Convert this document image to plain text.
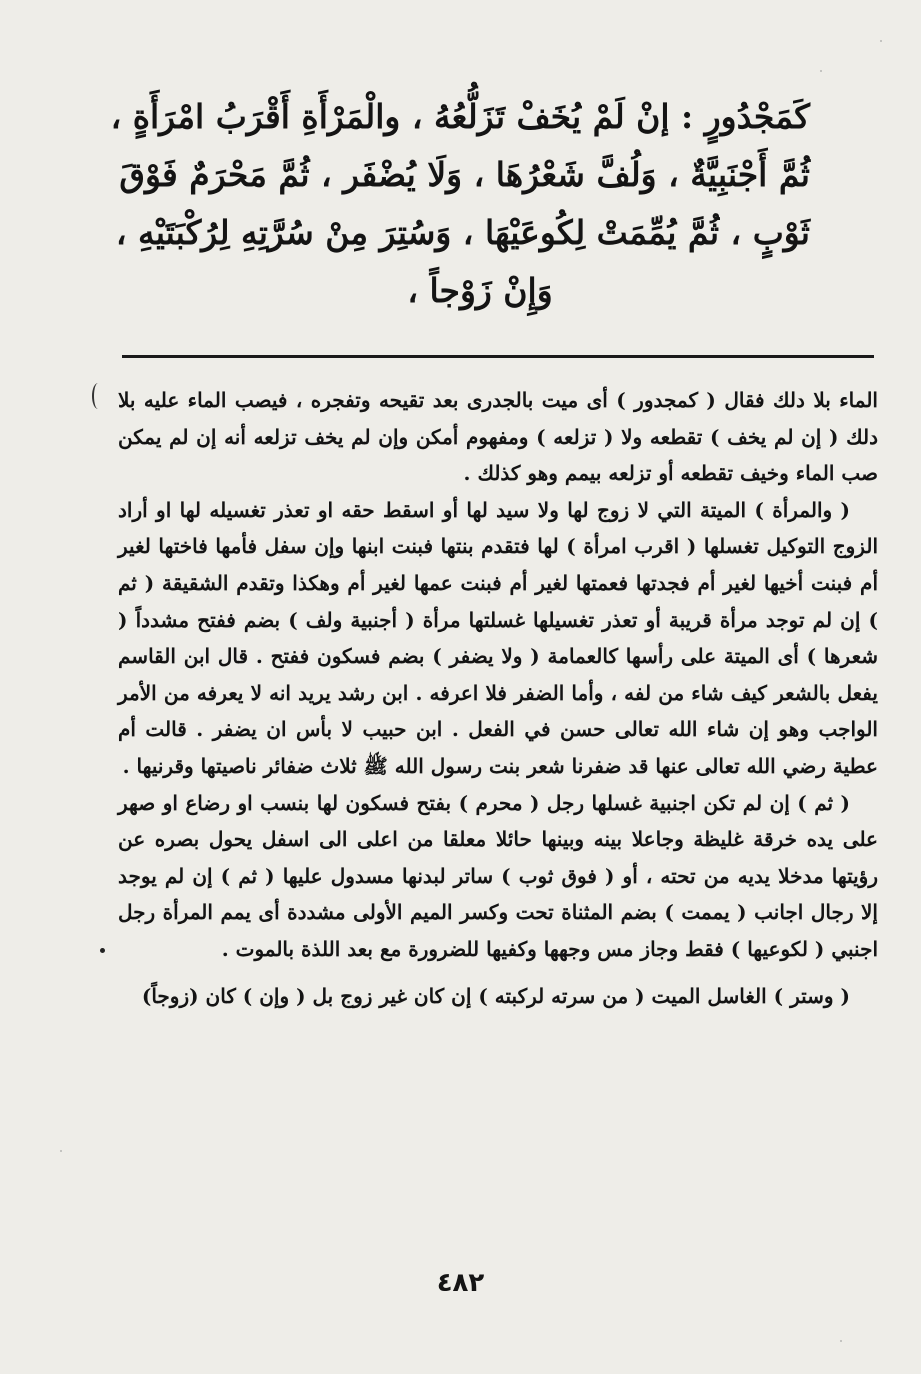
كَمَجْدُورٍ : إنْ لَمْ يُخَفْ تَزَلُّعُهُ ، والْمَرْأَةِ أَقْرَبُ امْرَأَةٍ ،
ثُمَّ أَجْنَبِيَّةٌ ، وَلُفَّ شَعْرُهَا ، وَلَا يُضْفَر ، ثُمَّ مَحْرَمٌ فَوْقَ
ثَوْبٍ ، ثُمَّ يُمِّمَتْ لِكُوعَيْهَا ، وَسُتِرَ مِنْ سُرَّتِهِ لِرُكْبَتَيْهِ ،
وَإِنْ زَوْجاً ،

الماء بلا دلك فقال ( كمجدور ) أى ميت بالجدرى بعد تقيحه وتفجره ، فيصب الماء عليه بلا دلك ( إن لم يخف ) تقطعه ولا ( تزلعه ) ومفهوم أمكن وإن لم يخف تزلعه أنه إن لم يمكن صب الماء وخيف تقطعه أو تزلعه بيمم وهو كذلك .

( والمرأة ) الميتة التي لا زوج لها ولا سيد لها أو اسقط حقه او تعذر تغسيله لها او أراد الزوج التوكيل تغسلها ( اقرب امرأة ) لها فتقدم بنتها فبنت ابنها وإن سفل فأمها فاختها لغير أم فبنت أخيها لغير أم فجدتها فعمتها لغير أم فبنت عمها لغير أم وهكذا وتقدم الشقيقة ( ثم ) إن لم توجد مرأة قريبة أو تعذر تغسيلها غسلتها مرأة ( أجنبية ولف ) بضم ففتح مشدداً ( شعرها ) أى الميتة على رأسها كالعمامة ( ولا يضفر ) بضم فسكون ففتح . قال ابن القاسم يفعل بالشعر كيف شاء من لفه ، وأما الضفر فلا اعرفه . ابن رشد يريد انه لا يعرفه من الأمر الواجب وهو إن شاء الله تعالى حسن في الفعل . ابن حبيب لا بأس ان يضفر . قالت أم عطية رضي الله تعالى عنها قد ضفرنا شعر بنت رسول الله ﷺ ثلاث ضفائر ناصيتها وقرنيها .

( ثم ) إن لم تكن اجنبية غسلها رجل ( محرم ) بفتح فسكون لها بنسب او رضاع او صهر على يده خرقة غليظة وجاعلا بينه وبينها حائلا معلقا من اعلى الى اسفل يحول بصره عن رؤيتها مدخلا يديه من تحته ، أو ( فوق ثوب ) ساتر لبدنها مسدول عليها ( ثم ) إن لم يوجد إلا رجال اجانب ( يممت ) بضم المثناة تحت وكسر الميم الأولى مشددة أى يمم المرأة رجل اجنبي ( لكوعيها ) فقط وجاز مس وجهها وكفيها للضرورة مع بعد اللذة بالموت .

( وستر ) الغاسل الميت ( من سرته لركبته ) إن كان غير زوج بل ( وإن ) كان (زوجاً)

٤٨٢
